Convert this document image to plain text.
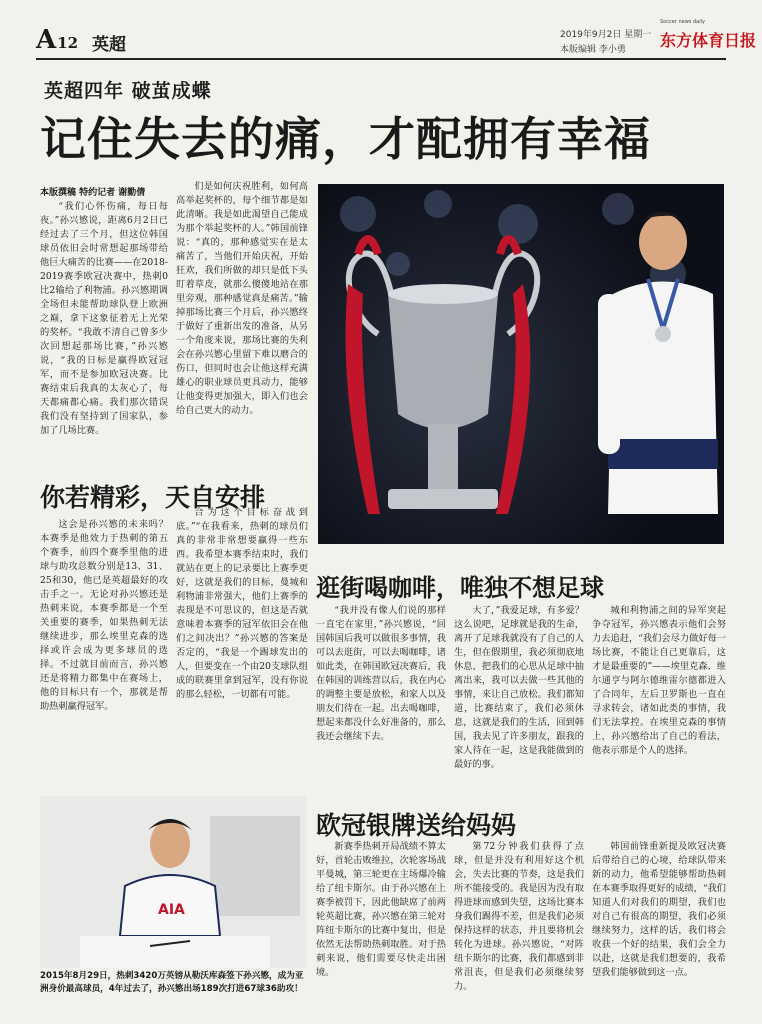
A12 英超	2019年9月2日 星期一
本版编辑 李小勇
Soccer news daily
东方体育日报
英超四年 破茧成蝶
记住失去的痛，才配拥有幸福
本版撰稿 特约记者 谢勤倩

“我们心怀伤痛，每日每夜。”孙兴慜说，距离6月2日已经过去了三个月，但这位韩国球员依旧会时常想起那场带给他巨大痛苦的比赛——在2018-2019赛季欧冠决赛中，热刺0比2输给了利物浦。孙兴慜期调全场但未能帮助球队登上欧洲之巅，拿下这象征着无上光荣的奖杯。“我敢不清自己曾多少次回想起那场比赛，”孙兴慜说，“我的日标是赢得欧冠冠军，而不是参加欧冠决赛。比赛结束后我真的太灰心了，每天都痛都心痛。我们那次错误我们没有坚持到了国家队，参加了几场比赛。

们是如何庆祝胜利，如何高高举起奖杯的，每个细节都是如此清晰。我是如此渴望自己能成为那个举起奖杯的人。”韩国前锋说：“真的，那种感觉实在是太痛苦了，当他们开始庆祝，开始狂欢，我们所做的却只是低下头盯着草皮，就那么傻傻地站在那里旁观，那种感觉真是痛苦。”输掉那场比赛三个月后，孙兴慜终于做好了重新出发的准备，从另一个角度来说，那场比赛的失利会在孙兴慜心里留下难以磨合的伤口，但同时也会让他这样充满雄心的职业球员更具动力，能够让他变得更加强大，即入们也会给自己更大的动力。

你若精彩，天自安排

这会是孙兴慜的未来吗？本赛季是他效力于热刺的第五个赛季，前四个赛季里他的进球与助攻总数分别是13、31、25和30，他已是英超最好的攻击手之一。无论对孙兴慜还是热刺来说，本赛季都是一个至关重要的赛季，如果热刺无法继续进步，那么埃里克森的选择或许会成为更多球员的选择。不过就目前而言，孙兴慜还是将精力都集中在赛场上，他的目标只有一个，那就是帮助热刺赢得冠军。

合为这个目标奋战到底。”“在我看来，热刺的球员们真的非常非常想要赢得一些东西。我希望本赛季结束时，我们就站在更上的记录要比上赛季更好，这就是我们的目标，曼城和利物浦非常强大，他们上赛季的表现是不可思议的，但这是否就意味着本赛季的冠军依旧会在他们之间决出？”孙兴慜的答案是否定的，“我是一个踢球发出的人，但要变在一个由20支球队组成的联赛里拿到冠军，没有你说的那么轻松，一切都有可能。

逛街喝咖啡，唯独不想足球

“我并没有像人们说的那样一直宅在家里，”孙兴慜说，“回国韩国后我可以做很多事情，我可以去逛街，可以去喝咖啡，诸如此类，在韩国欧冠决赛后，我在韩国的训练营以后，我在内心的调整主要是放松，和家人以及朋友们待在一起。出去喝咖啡，想起来都没什么好准备的，那么我还会继续下去。

大了，”我爱足球，有多爱？这么说吧，足球就是我的生命，离开了足球我就没有了自己的人生，但在假期里，我必须彻底地休息，把我们的心思从足球中抽离出来，我可以去做一些其他的事情，来让自己放松。我们都知道，比赛结束了，我们必须休息，这就是我们的生活，回到韩国，我去见了许多朋友，跟我的家人待在一起，这是我能做到的最好的事。

城和利物浦之间的异军突起争夺冠军，孙兴慜表示他们会努力去追赶，“我们会尽力做好每一场比赛，不能让自己更靠后，这才是最重要的”——埃里克森、维尔通亨与阿尔德维雷尔德都进入了合同年，左后卫罗斯也一直在寻求转会，诸如此类的事情，我们无法掌控。在埃里克森的事情上，孙兴慜给出了自己的看法，他表示那是个人的选择。

欧冠银牌送给妈妈

新赛季热刺开局战绩不算太好，首轮击败维拉，次轮客场战平曼城，第三轮更在主场爆冷输给了纽卡斯尔。由于孙兴慜在上赛季被罚下，因此他缺席了前两轮英超比赛，孙兴慜在第三轮对阵纽卡斯尔的比赛中复出，但是依然无法帮助热刺取胜。对于热刺来说，他们需要尽快走出困境。

第72分钟我们获得了点球，但是并没有利用好这个机会，失去比赛的节奏，这是我们所不能接受的。我是因为没有取得进球而感到失望，这场比赛本身我们踢得不差，但是我们必须保持这样的状态，并且要将机会转化为进球。孙兴慜说，“对阵纽卡斯尔的比赛，我们都感到非常沮丧，但是我们必须继续努力。

韩国前锋重新提及欧冠决赛后带给自己的心境，给球队带来新的动力，他希望能够帮助热刺在本赛季取得更好的成绩，“我们知道人们对我们的期望，我们也对自己有很高的期望，我们必须继续努力，这样的话，我们将会收获一个好的结果，我们会全力以赴，这就是我们想要的，我希望我们能够做到这一点。

AIA
2015年8月29日，热刺3420万英镑从勒沃库森签下孙兴慜，成为亚洲身价最高球员，4年过去了，孙兴慜出场189次打进67球36助攻！
